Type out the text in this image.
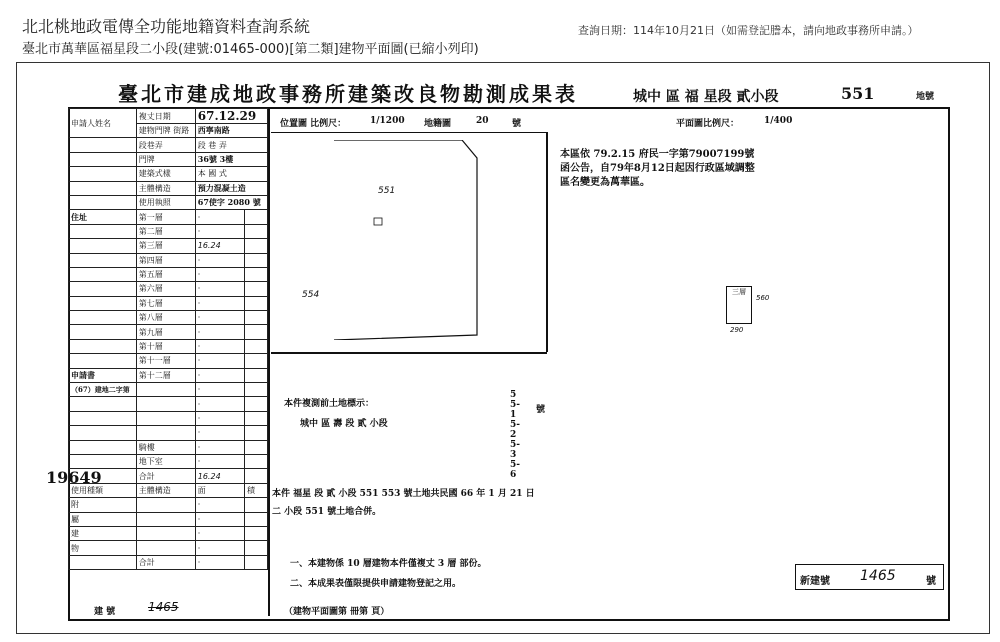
北北桃地政電傳全功能地籍資料查詢系統
臺北市萬華區福星段二小段(建號:01465-000)[第二類]建物平面圖(已縮小列印)
查詢日期：114年10月21日（如需登記謄本，請向地政事務所申請。）
臺北市建成地政事務所建築改良物勘測成果表	城中 區 福 星段 貳小段	551	地號
申請人姓名	複丈日期	67.12.29	
	建物門牌 街路	西寧南路	
	段巷弄	段 巷 弄	
	門牌	36號 3樓	
	建築式樣	本 國 式	
	主體構造	預力混凝土造	
	使用執照	67使字 2080 號	
住址	第一層	·	
	第二層	·	
	第三層	16.24	
	第四層	·	
	第五層	·	
	第六層	·	
	第七層	·	
	第八層	·	
	第九層	·	
	第十層	·	
	第十一層	·	
申請書	第十二層	·	
（67）建地二字第		·	
		·	
		·	
		·	
	騎樓	·	
	地下室	·	
	合計	16.24	
使用種類	主體構造	面	積
附		·	
屬		·	
建		·	
物		·	
	合計	·	
19649
位置圖 比例尺：	1/1200 地籍圖	20	號	平面圖比例尺：	1/400
551
554
本區依 79.2.15 府民一字第79007199號函公告，自79年8月12日起因行政區域調整區名變更為萬華區。
三層
560
290
本件複測前土地標示：
城中 區 壽 段 貳 小段
5
5-1
5-2
5-3
5-6
號
本件 福星 段 貳 小段 551 553 號土地共民國 66 年 1 月 21 日
二 小段 551 號土地合併。
一、本建物係 10 層建物本件僅複丈 3 層 部份。
二、本成果表僅限提供申請建物登記之用。	新建號 1465	號
建 號	1465	（建物平面圖第 冊第 頁）
